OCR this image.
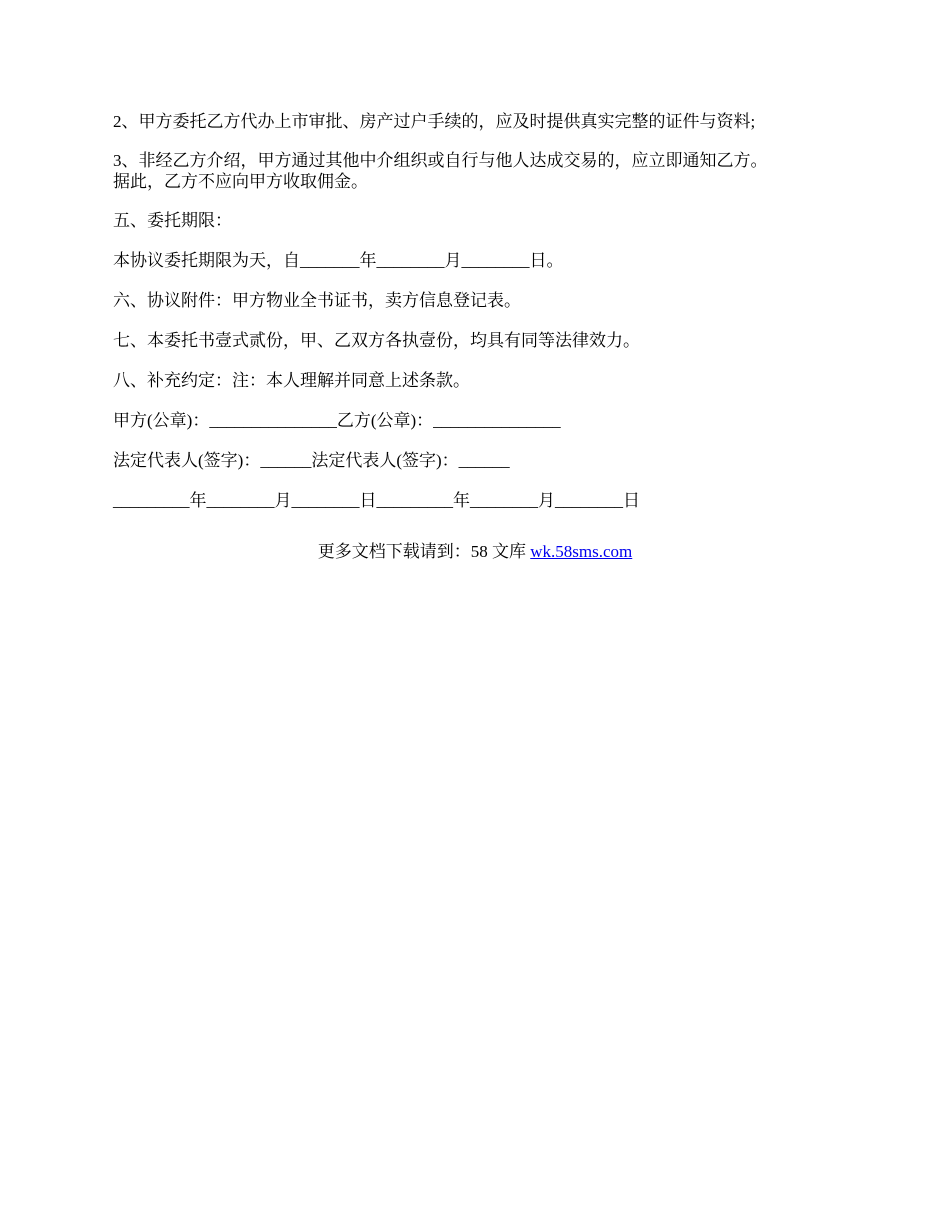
2、甲方委托乙方代办上市审批、房产过户手续的，应及时提供真实完整的证件与资料;

3、非经乙方介绍，甲方通过其他中介组织或自行与他人达成交易的，应立即通知乙方。
据此，乙方不应向甲方收取佣金。

五、委托期限：

本协议委托期限为天，自_______年________月________日。

六、协议附件：甲方物业全书证书，卖方信息登记表。

七、本委托书壹式贰份，甲、乙双方各执壹份，均具有同等法律效力。

八、补充约定：注：本人理解并同意上述条款。

甲方(公章)：_______________乙方(公章)：_______________

法定代表人(签字)：______法定代表人(签字)：______

_________年________月________日_________年________月________日

更多文档下载请到：58 文库 wk.58sms.com
